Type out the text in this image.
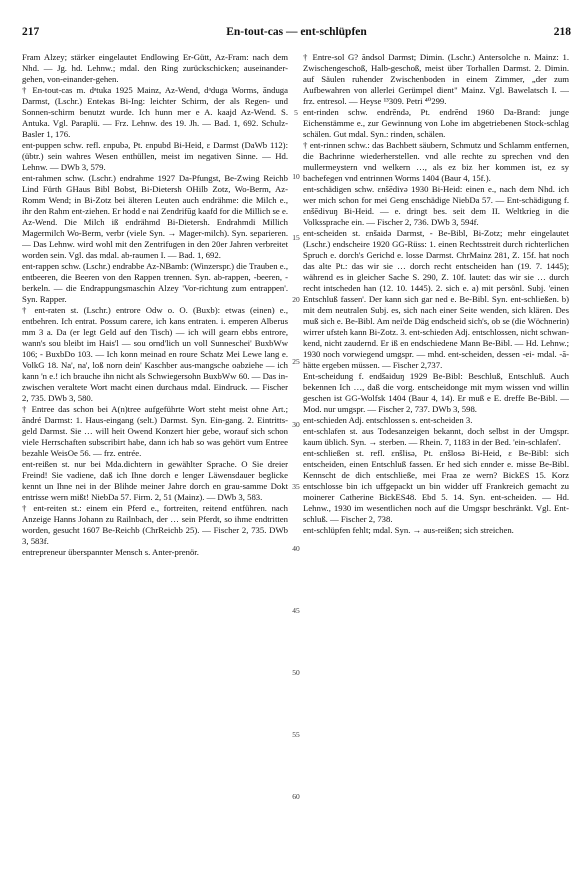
217	En-tout-cas — ent-schlüpfen	218

Fram Alzey; stärker eingelautet Endlowing Er-Gütt, Az-Fram: nach dem Nhd. — Jg. hd. Lehnw.; mdal. den Ring zurückschicken; auseinander-gehen, von-einander-gehen.

† En-tout-cas m. dᵃtuka 1925 Mainz, Az-Wend, dᵃduga Worms, ānduga Darmst, (Lschr.) Entekas Bi-Ing: leichter Schirm, der als Regen- und Sonnen-schirm benutzt wurde. Ich hunn mer e A. kaajd Az-Wend. S. Antuka. Vgl. Paraplü. — Frz. Lehnw. des 19. Jh. — Bad. 1, 692. Schulz-Basler 1, 176.

ent-puppen schw. refl. ɛnpubə, Pt. ɛnpubd Bi-Heid, ɛ Darmst (DaWb 112): (übtr.) sein wahres Wesen enthüllen, meist im negativen Sinne. — Hd. Lehnw. — DWb 3, 579.

ent-rahmen schw. (Lschr.) endrahme 1927 Da-Pfungst, Be-Zwing Reichb Lind Fürth GHaus Bibl Bobst, Bi-Dietersh OHilb Zotz, Wo-Berm, Az-Romm Wend; in Bi-Zotz bei älteren Leuten auch endrähme: die Milch e., ihr den Rahm ent-ziehen. Er hodd e nai Zendrifūg kaafd for die Millich se e. Az-Wend. Die Milch iß endrähmd Bi-Dietersh. Endrahmdi Millich Magermilch Wo-Berm, verbr (viele Syn. → Mager-milch). Syn. separieren. — Das Lehnw. wird wohl mit den Zentrifugen in den 20er Jahren verbreitet worden sein. Vgl. das mdal. ab-raumen I. — Bad. 1, 692.

ent-rappen schw. (Lschr.) endrabbe Az-NBamb: (Winzerspr.) die Trauben e., entbeeren, die Beeren von den Rappen trennen. Syn. ab-rappen, -beeren, -berkeln. — die Endrappungsmaschin Alzey 'Vor-richtung zum entrappen'. Syn. Rapper.

† ent-raten st. (Lschr.) entrore Odw o. O. (Buxb): etwas (einen) e., entbehren. Ich entrat. Possum carere, ich kans entraten. i. emperen Alberus mm 3 a. Da (er legt Geld auf den Tisch) — ich will gearn ebbs entrore, wann's sou bleibt im Hais'l — sou ornd'lich un voll Sunneschei' BuxbWw 106; - BuxbDo 103. — Ich konn meinad en roure Schatz Mei Lewe lang e. VolkG 18. Na', na', loß norn dein' Kaschber aus-mangsche oabziehe — ich kann 'n e.! ich brauche ihn nicht als Schwiegersohn BuxbWw 60. — Das in-zwischen veraltete Wort macht einen durchaus mdal. Eindruck. — Fischer 2, 735. DWb 3, 580.

† Entree das schon bei A(n)tree aufgeführte Wort steht meist ohne Art.; āndré Darmst: 1. Haus-eingang (selt.) Darmst. Syn. Ein-gang. 2. Eintritts-geld Darmst. Sie … will heit Owend Konzert hier gebe, worauf sich schon viele Herrschaften subscribirt habe, dann ich hab so was gehört vum Entree bezahle WeisOe 56. — frz. entrée.

ent-reißen st. nur bei Mda.dichtern in gewählter Sprache. O Sie dreier Freind! Sie vadiene, daß ich Ihne dorch e lenger Läwensdauer beglicke kennt un Ihne nei in der Blihde meiner Jahre dorch en grau-samme Dokt entrisse wern mißt! NiebDa 57. Firm. 2, 51 (Mainz). — DWb 3, 583.

† ent-reiten st.: einem ein Pferd e., fortreiten, reitend entführen. nach Anzeige Hanns Johann zu Railnbach, der … sein Pferdt, so ihme endtritten worden, gesucht 1607 Be-Reichb (ChrReichb 25). — Fischer 2, 735. DWb 3, 583f.

entrepreneur überspannter Mensch s. Anter-prenör.

5
10
15
20
25
30
35
40
45
50
55
60

† Entre-sol G? ãndsol Darmst; Dimin. (Lschr.) Antersolche n. Mainz: 1. Zwischengeschoß, Halb-geschoß, meist über Torhallen Darmst. 2. Dimin. auf Säulen ruhender Zwischenboden in einem Zimmer, „der zum Aufbewahren von allerlei Gerümpel dient" Mainz. Vgl. Bawelatsch I. — frz. entresol. — Heyse ¹³309. Petri ⁴⁰299.

ent-rinden schw. endrēndə, Pt. endrēnd 1960 Da-Brand: junge Eichenstämme e., zur Gewinnung von Lohe im abgetriebenen Stock-schlag schälen. Gut mdal. Syn.: rinden, schälen.

† ent-rinnen schw.: das Bachbett säubern, Schmutz und Schlamm entfernen, die Bachrinne wiederherstellen. vnd alle rechte zu sprechen vnd den mullermeystern vnd welkern …, als ez biz her kommen ist, ez sy bachefegen vnd entrinnen Worms 1404 (Baur 4, 15f.).

ent-schädigen schw. ɛnšēdiʏə 1930 Bi-Heid: einen e., nach dem Nhd. ich wer mich schon for mei Geng enschädige NiebDa 57. — Ent-schädigung f. ɛnšēdiʏuŋ Bi-Heid. — e. dringt bes. seit dem II. Weltkrieg in die Volkssprache ein. — Fischer 2, 736. DWb 3, 594f.

ent-scheiden st. ɛnšaidə Darmst, - Be-Bibl, Bi-Zotz; mehr eingelautet (Lschr.) endscheire 1920 GG-Rüss: 1. einen Rechtsstreit durch richterlichen Spruch e. dorch's Gerichd e. losse Darmst. ChrMainz 281, Z. 15f. hat noch das alte Pt.: das wir sie … dorch recht entscheiden han (19. 7. 1445); während es in gleicher Sache S. 290, Z. 10f. lautet: das wir sie … durch recht intscheden han (12. 10. 1445). 2. sich e. a) mit persönl. Subj. 'einen Entschluß fassen'. Der kann sich gar ned e. Be-Bibl. Syn. ent-schließen. b) mit dem neutralen Subj. es, sich nach einer Seite wenden, sich klären. Des muß sich e. Be-Bibl. Am nei'de Däg endscheid sich's, ob se (die Wöchnerin) wirrer ufsteh kann Bi-Zotz. 3. ent-schieden Adj. entschlossen, nicht schwan-kend, nicht zaudernd. Er iß en endschiedene Mann Be-Bibl. — Hd. Lehnw.; 1930 noch vorwiegend umgspr. — mhd. ent-scheiden, dessen -ei- mdal. -ā- hätte ergeben müssen. — Fischer 2,737.

Ent-scheidung f. endšaiduŋ 1929 Be-Bibl: Beschluß, Entschluß. Auch bekennen Ich …, daß die vorg. entscheidonge mit mym wissen vnd willin geschen ist GG-Wolfsk 1404 (Baur 4, 14). Er muß e E. dreffe Be-Bibl. — Mod. nur umgspr. — Fischer 2, 737. DWb 3, 598.

ent-schieden Adj. entschlossen s. ent-scheiden 3.

ent-schlafen st. aus Todesanzeigen bekannt, doch selbst in der Umgspr. kaum üblich. Syn. → sterben. — Rhein. 7, 1183 in der Bed. 'ein-schlafen'.

ent-schließen st. refl. ɛnšlisə, Pt. ɛnšlosə Bi-Heid, ɛ Be-Bibl: sich entscheiden, einen Entschluß fassen. Er hed sich ɛnnder e. misse Be-Bibl. Kennscht de dich entschließe, mei Fraa ze wern? BickES 15. Korz entschlosse bin ich uffgepackt un bin widder uff Frankreich gemacht zu moinerer Catherine BickES48. Ebd 5. 14. Syn. ent-scheiden. — Hd. Lehnw., 1930 im wesentlichen noch auf die Umgspr beschränkt. Vgl. Ent-schluß. — Fischer 2, 738.

ent-schlüpfen fehlt; mdal. Syn. → aus-reißen; sich streichen.
